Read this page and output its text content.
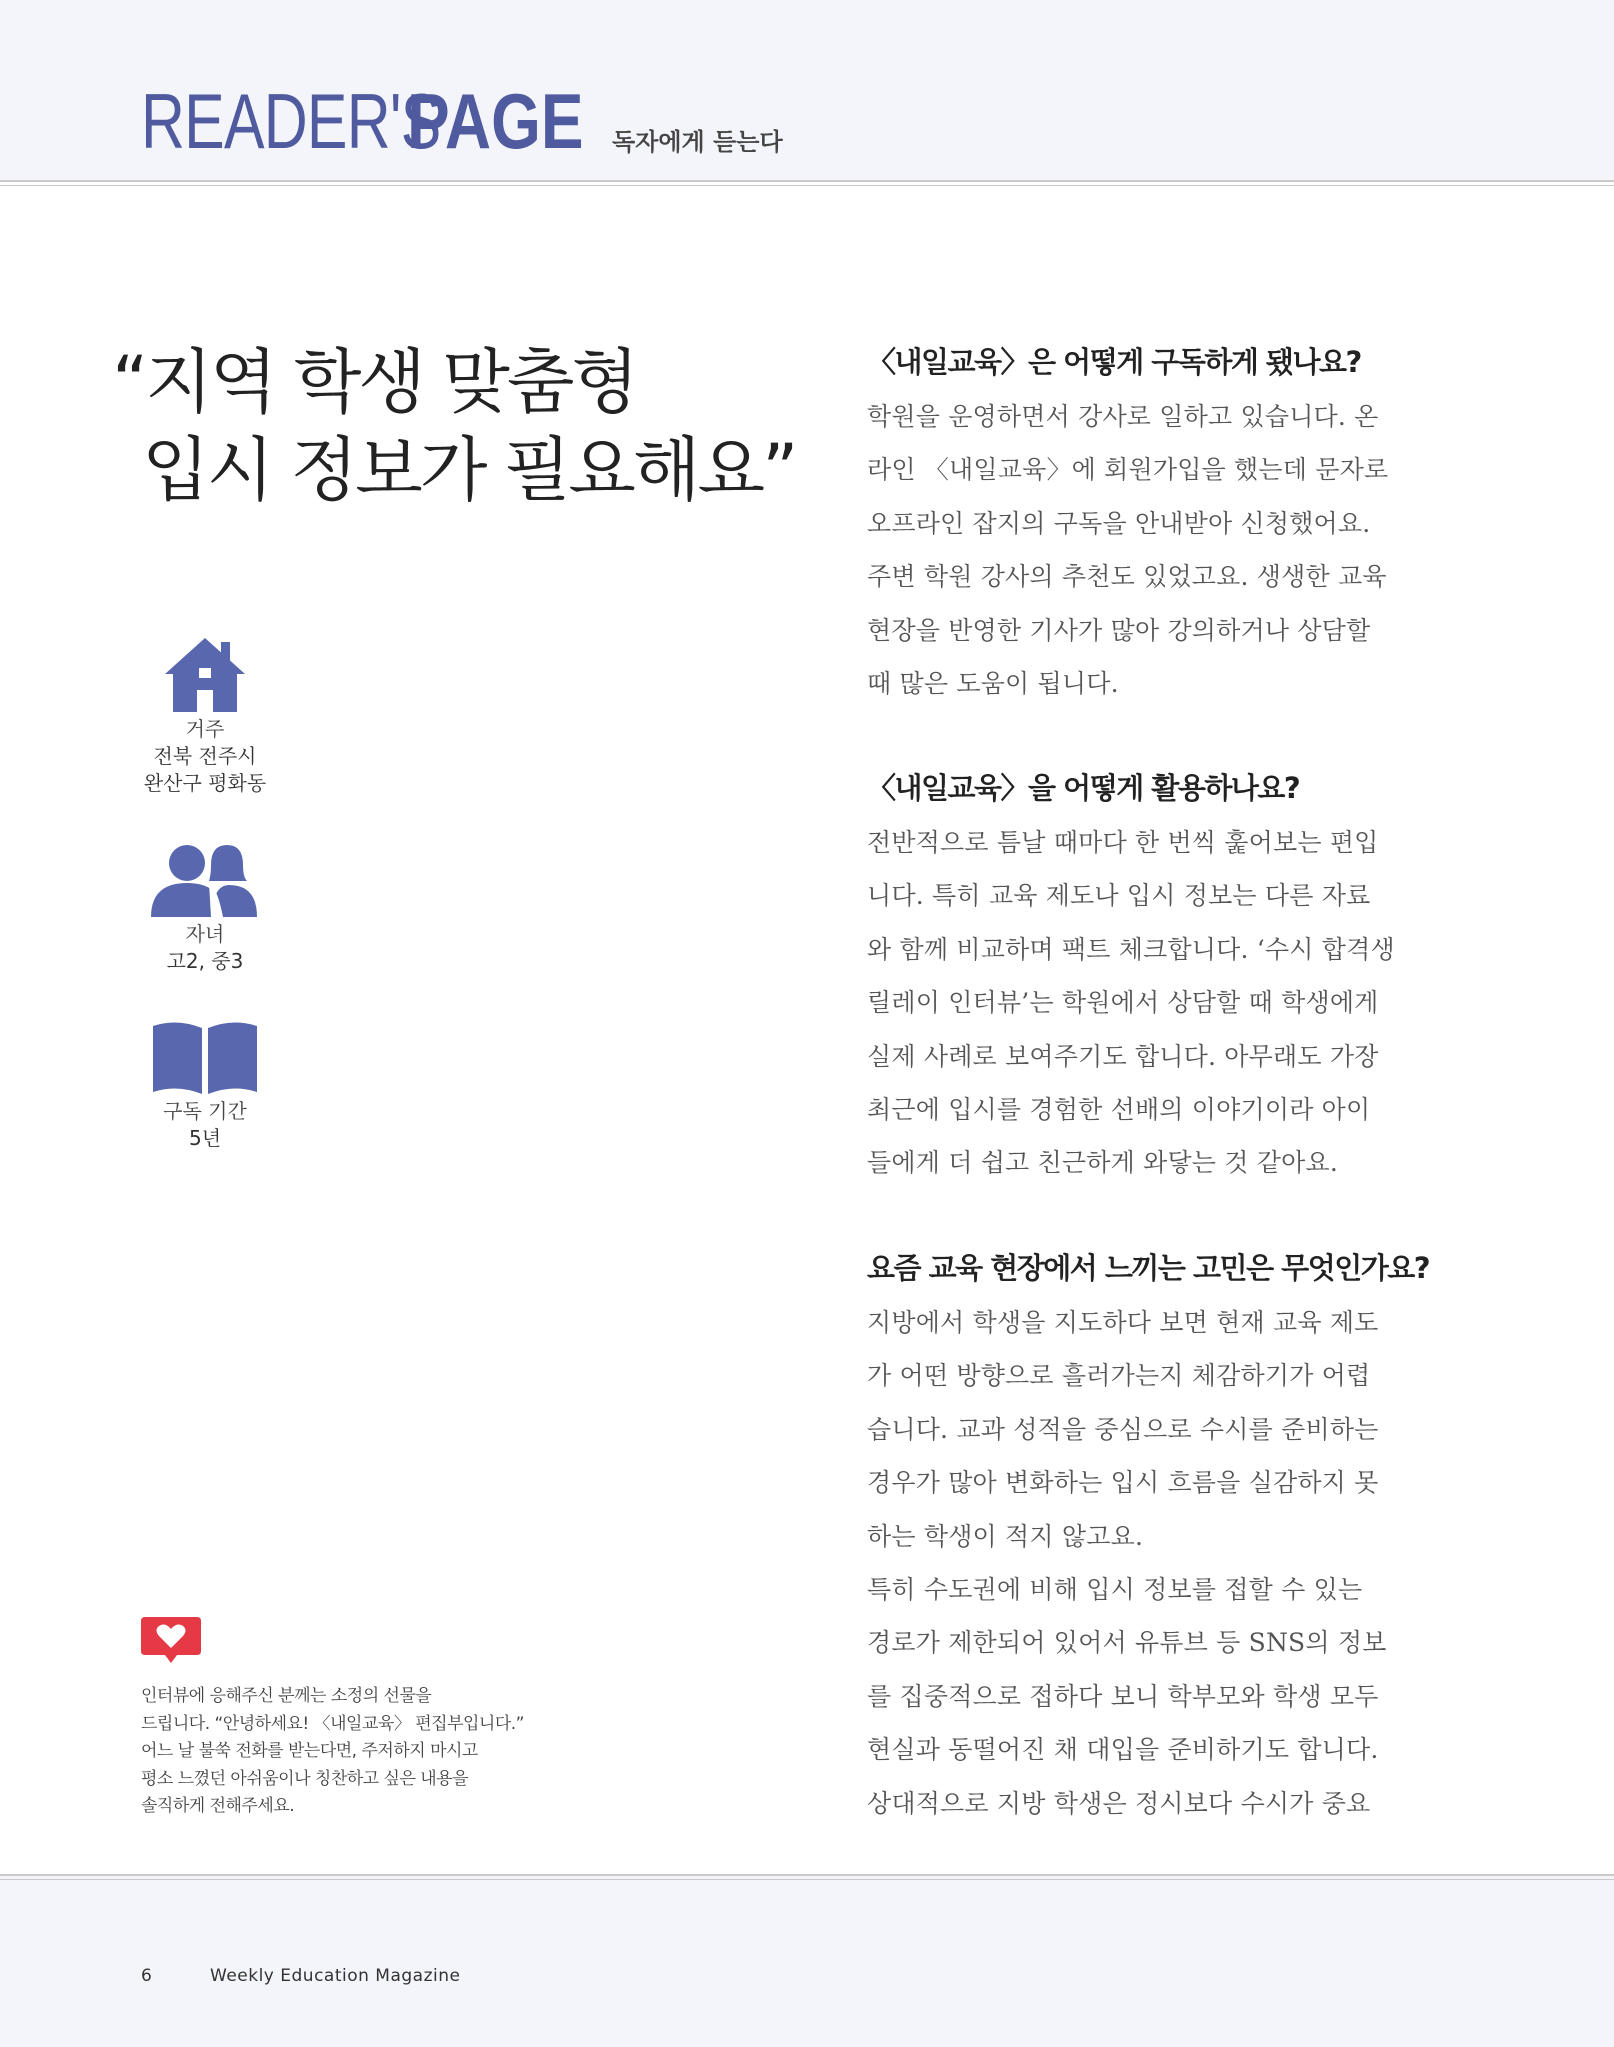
READER'S
PAGE 독자에게 듣는다
“지역 학생 맞춤형
입시 정보가 필요해요”
거주
전북 전주시
완산구 평화동
자녀
고2, 중3
구독 기간
5년
인터뷰에 응해주신 분께는 소정의 선물을
드립니다. “안녕하세요! 〈내일교육〉 편집부입니다.”
어느 날 불쑥 전화를 받는다면, 주저하지 마시고
평소 느꼈던 아쉬움이나 칭찬하고 싶은 내용을
솔직하게 전해주세요.
〈내일교육〉은 어떻게 구독하게 됐나요?
학원을 운영하면서 강사로 일하고 있습니다. 온
라인 〈내일교육〉에 회원가입을 했는데 문자로
오프라인 잡지의 구독을 안내받아 신청했어요.
주변 학원 강사의 추천도 있었고요. 생생한 교육
현장을 반영한 기사가 많아 강의하거나 상담할
때 많은 도움이 됩니다.
〈내일교육〉을 어떻게 활용하나요?
전반적으로 틈날 때마다 한 번씩 훑어보는 편입
니다. 특히 교육 제도나 입시 정보는 다른 자료
와 함께 비교하며 팩트 체크합니다. ‘수시 합격생
릴레이 인터뷰’는 학원에서 상담할 때 학생에게
실제 사례로 보여주기도 합니다. 아무래도 가장
최근에 입시를 경험한 선배의 이야기이라 아이
들에게 더 쉽고 친근하게 와닿는 것 같아요.
요즘 교육 현장에서 느끼는 고민은 무엇인가요?
지방에서 학생을 지도하다 보면 현재 교육 제도
가 어떤 방향으로 흘러가는지 체감하기가 어렵
습니다. 교과 성적을 중심으로 수시를 준비하는
경우가 많아 변화하는 입시 흐름을 실감하지 못
하는 학생이 적지 않고요.
특히 수도권에 비해 입시 정보를 접할 수 있는
경로가 제한되어 있어서 유튜브 등 SNS의 정보
를 집중적으로 접하다 보니 학부모와 학생 모두
현실과 동떨어진 채 대입을 준비하기도 합니다.
상대적으로 지방 학생은 정시보다 수시가 중요
6	Weekly Education Magazine
